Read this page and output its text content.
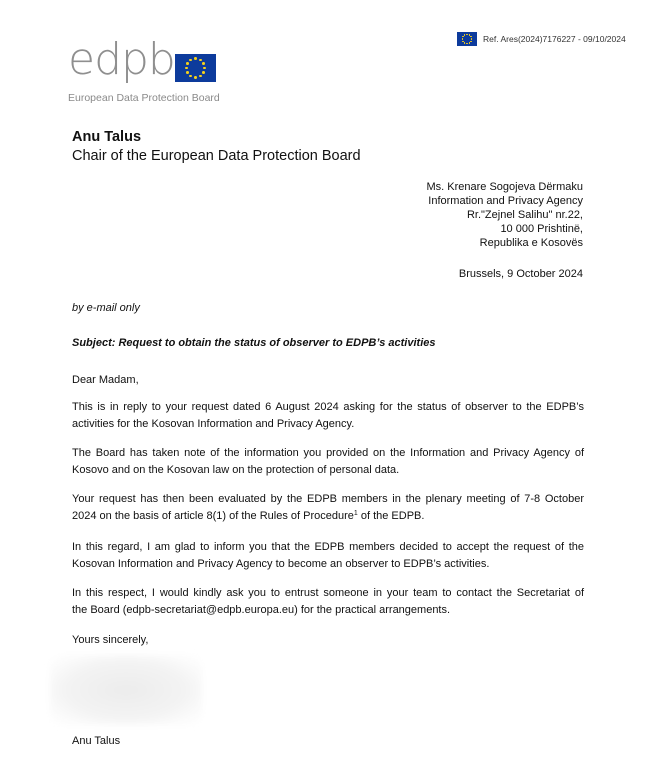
Ref. Ares(2024)7176227 - 09/10/2024
edpb
European Data Protection Board
Anu Talus
Chair of the European Data Protection Board
Ms. Krenare Sogojeva Dërmaku
Information and Privacy Agency
Rr."Zejnel Salihu" nr.22,
10 000 Prishtinë,
Republika e Kosovës
Brussels, 9 October 2024
by e-mail only
Subject: Request to obtain the status of observer to EDPB’s activities
Dear Madam,
This is in reply to your request dated 6 August 2024 asking for the status of observer to the EDPB’s
activities for the Kosovan Information and Privacy Agency.
The Board has taken note of the information you provided on the Information and Privacy Agency of
Kosovo and on the Kosovan law on the protection of personal data.
Your request has then been evaluated by the EDPB members in the plenary meeting of 7-8 October
2024 on the basis of article 8(1) of the Rules of Procedure$^1$ of the EDPB.
In this regard, I am glad to inform you that the EDPB members decided to accept the request of the
Kosovan Information and Privacy Agency to become an observer to EDPB’s activities.
In this respect, I would kindly ask you to entrust someone in your team to contact the Secretariat of
the Board (edpb-secretariat@edpb.europa.eu) for the practical arrangements.
Yours sincerely,
Anu Talus
